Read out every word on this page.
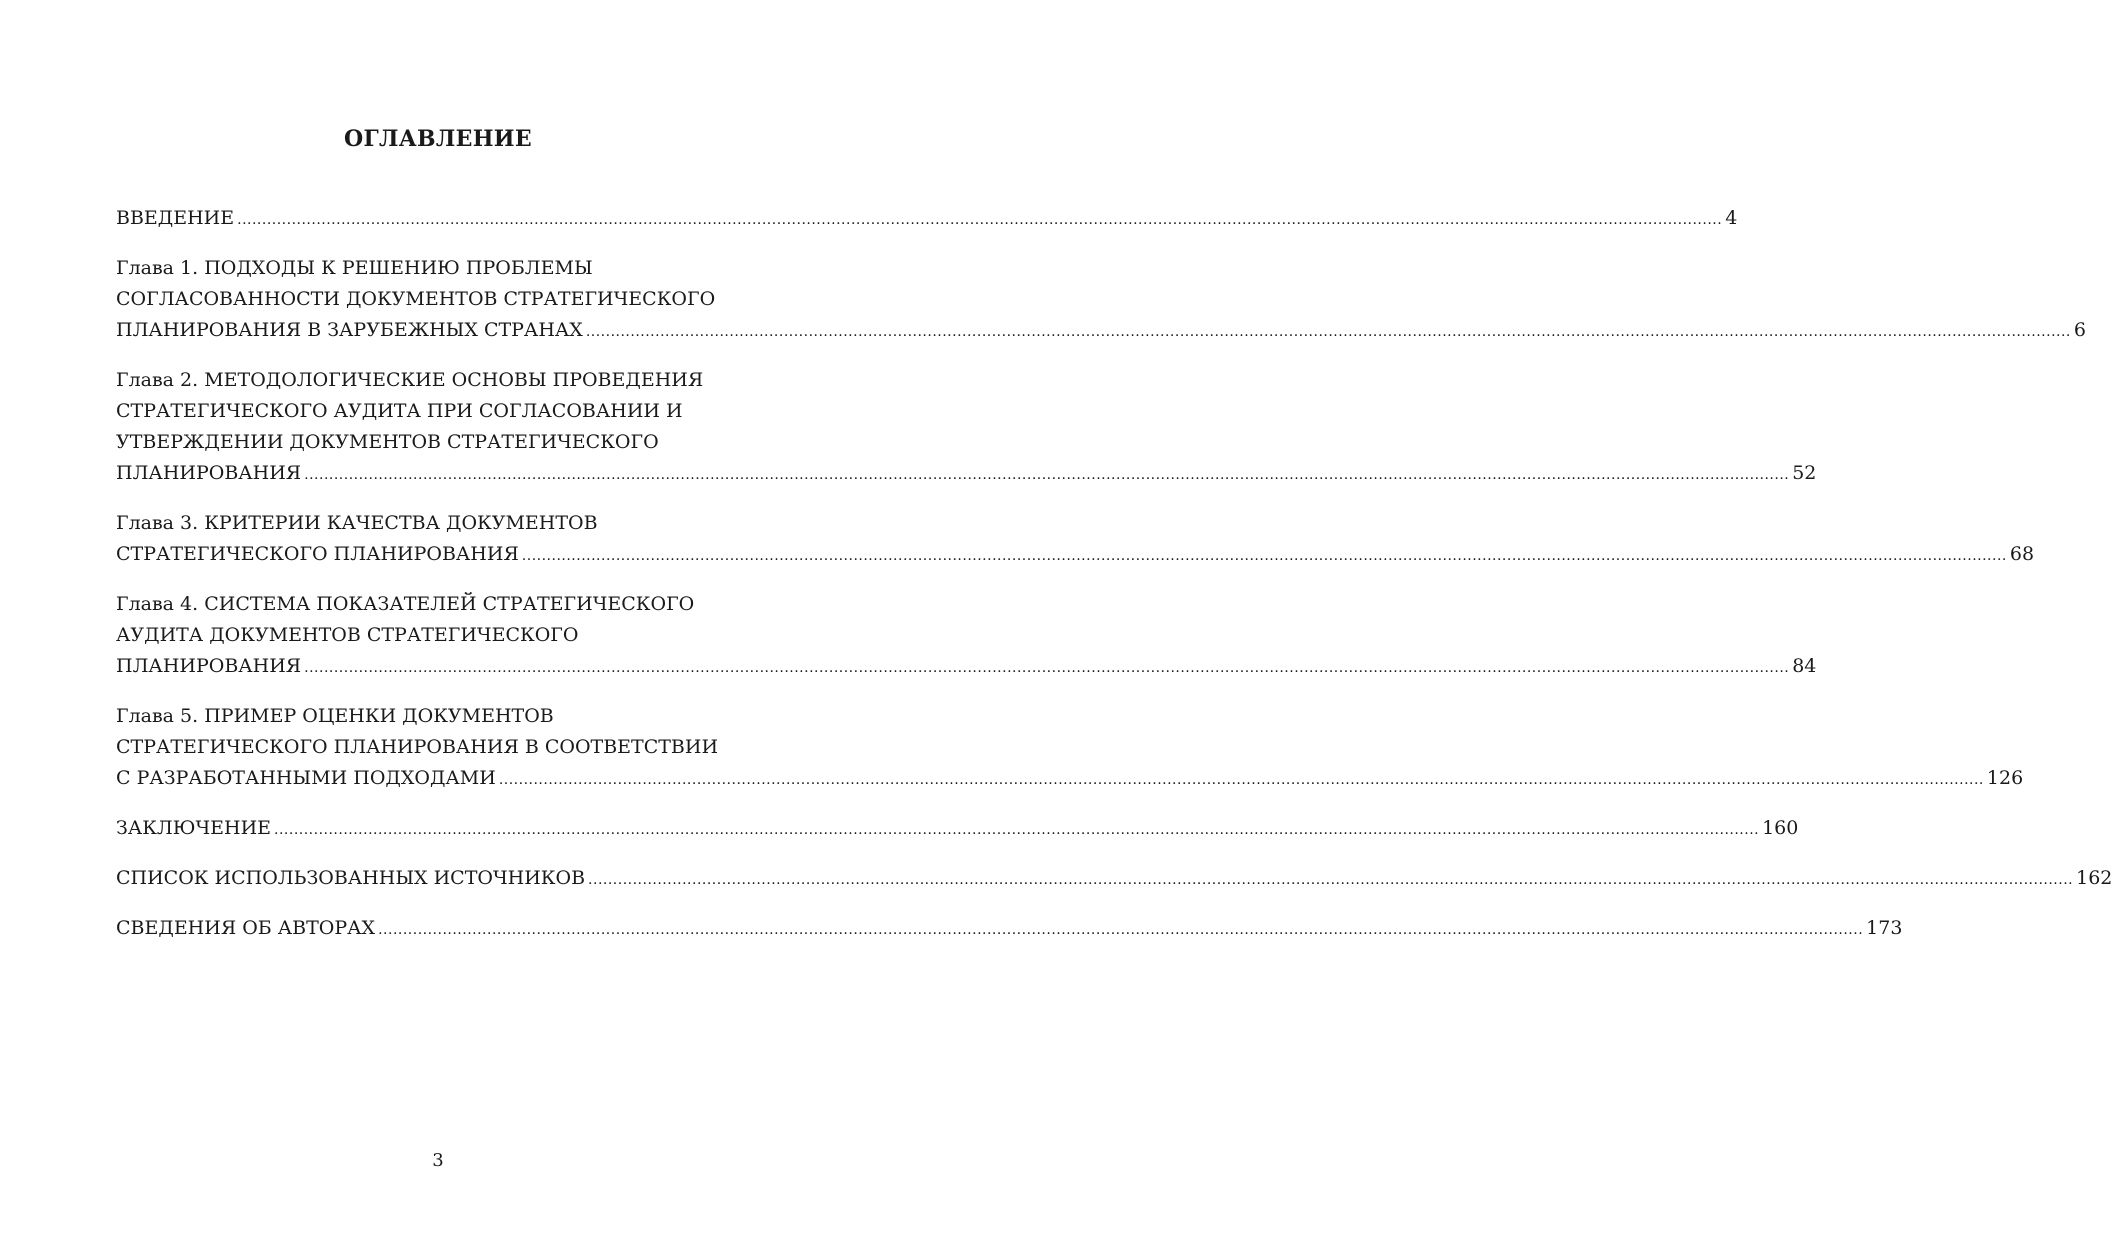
ОГЛАВЛЕНИЕ
ВВЕДЕНИЕ ............................................................................................................................................................................................................................................................................................................ 4
Глава 1. ПОДХОДЫ К РЕШЕНИЮ ПРОБЛЕМЫ
СОГЛАСОВАННОСТИ ДОКУМЕНТОВ СТРАТЕГИЧЕСКОГО
ПЛАНИРОВАНИЯ В ЗАРУБЕЖНЫХ СТРАНАХ ............................................................................................................................................................................................................................................................................................................ 6
Глава 2. МЕТОДОЛОГИЧЕСКИЕ ОСНОВЫ ПРОВЕДЕНИЯ
СТРАТЕГИЧЕСКОГО АУДИТА ПРИ СОГЛАСОВАНИИ И
УТВЕРЖДЕНИИ ДОКУМЕНТОВ СТРАТЕГИЧЕСКОГО
ПЛАНИРОВАНИЯ ............................................................................................................................................................................................................................................................................................................ 52
Глава 3. КРИТЕРИИ КАЧЕСТВА ДОКУМЕНТОВ
СТРАТЕГИЧЕСКОГО ПЛАНИРОВАНИЯ ............................................................................................................................................................................................................................................................................................................ 68
Глава 4. СИСТЕМА ПОКАЗАТЕЛЕЙ СТРАТЕГИЧЕСКОГО
АУДИТА ДОКУМЕНТОВ СТРАТЕГИЧЕСКОГО
ПЛАНИРОВАНИЯ ............................................................................................................................................................................................................................................................................................................ 84
Глава 5. ПРИМЕР ОЦЕНКИ ДОКУМЕНТОВ
СТРАТЕГИЧЕСКОГО ПЛАНИРОВАНИЯ В СООТВЕТСТВИИ
С РАЗРАБОТАННЫМИ ПОДХОДАМИ ............................................................................................................................................................................................................................................................................................................ 126
ЗАКЛЮЧЕНИЕ ............................................................................................................................................................................................................................................................................................................ 160
СПИСОК ИСПОЛЬЗОВАННЫХ ИСТОЧНИКОВ ............................................................................................................................................................................................................................................................................................................ 162
СВЕДЕНИЯ ОБ АВТОРАХ ............................................................................................................................................................................................................................................................................................................ 173
3
